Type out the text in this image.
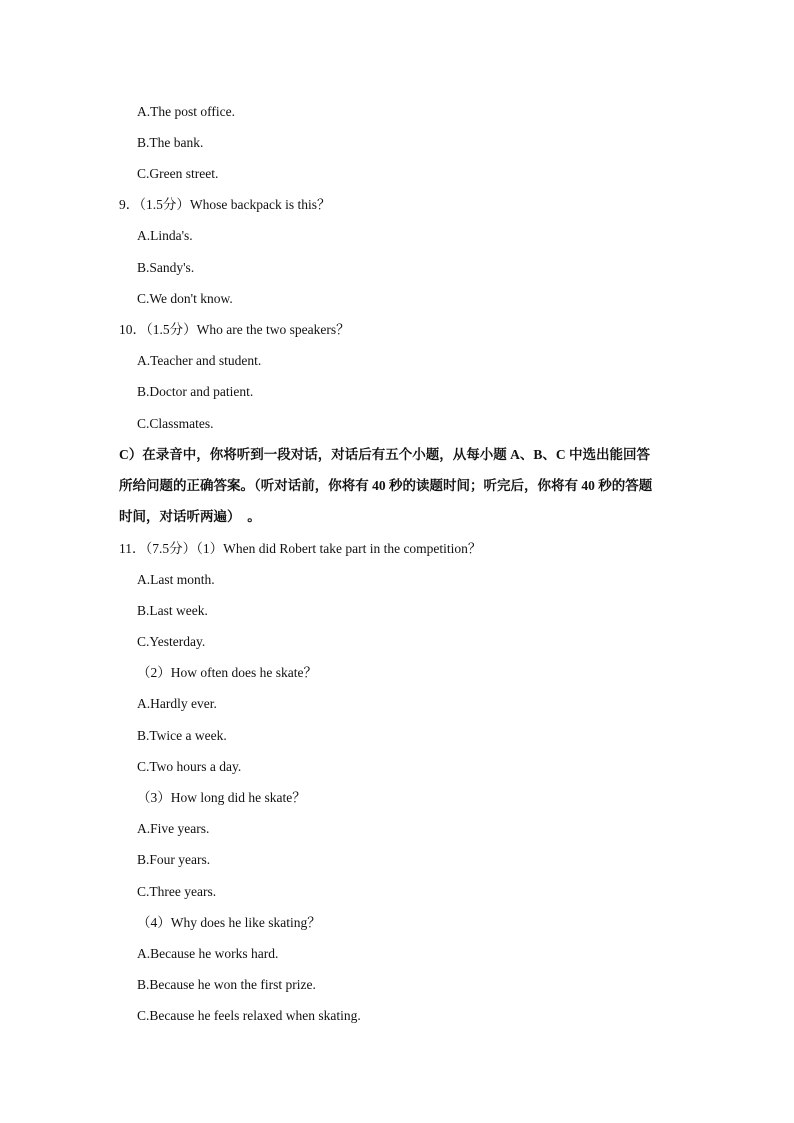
A.The post office.
B.The bank.
C.Green street.
9．（1.5分）Whose backpack is this？
A.Linda's.
B.Sandy's.
C.We don't know.
10．（1.5分）Who are the two speakers？
A.Teacher and student.
B.Doctor and patient.
C.Classmates.
C）在录音中，你将听到一段对话，对话后有五个小题，从每小题 A、B、C 中选出能回答
所给问题的正确答案。（听对话前，你将有 40 秒的读题时间；听完后，你将有 40 秒的答题
时间，对话听两遍）　。
11．（7.5分）（1）When did Robert take part in the competition？
A.Last month.
B.Last week.
C.Yesterday.
（2）How often does he skate？
A.Hardly ever.
B.Twice a week.
C.Two hours a day.
（3）How long did he skate？
A.Five years.
B.Four years.
C.Three years.
（4）Why does he like skating？
A.Because he works hard.
B.Because he won the first prize.
C.Because he feels relaxed when skating.
